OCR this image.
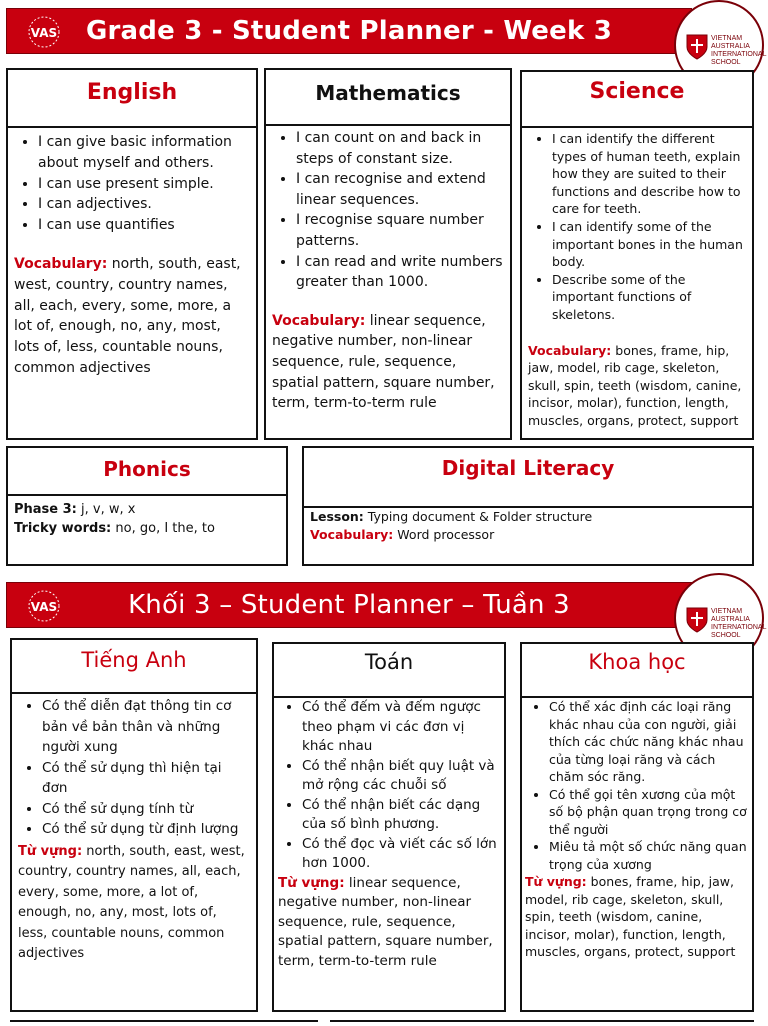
VAS	Grade 3 - Student Planner - Week 3	VIETNAM AUSTRALIA INTERNATIONAL SCHOOL
English
• I can give basic information about myself and others.
• I can use present simple.
• I can adjectives.
• I can use quantifies
Vocabulary: north, south, east, west, country, country names, all, each, every, some, more, a lot of, enough, no, any, most, lots of, less, countable nouns, common adjectives
Mathematics
• I can count on and back in steps of constant size.
• I can recognise and extend linear sequences.
• I recognise square number patterns.
• I can read and write numbers greater than 1000.
Vocabulary: linear sequence, negative number, non-linear sequence, rule, sequence, spatial pattern, square number, term, term-to-term rule
Science
• I can identify the different types of human teeth, explain how they are suited to their functions and describe how to care for teeth.
• I can identify some of the important bones in the human body.
• Describe some of the important functions of skeletons.
Vocabulary: bones, frame, hip, jaw, model, rib cage, skeleton, skull, spin, teeth (wisdom, canine, incisor, molar), function, length, muscles, organs, protect, support
Phonics
Phase 3: j, v, w, x
Tricky words: no, go, I the, to
Digital Literacy
Lesson: Typing document & Folder structure
Vocabulary: Word processor
VAS	Khối 3 – Student Planner – Tuần 3	VIETNAM AUSTRALIA INTERNATIONAL SCHOOL
Tiếng Anh
• Có thể diễn đạt thông tin cơ bản về bản thân và những người xung
• Có thể sử dụng thì hiện tại đơn
• Có thể sử dụng tính từ
• Có thể sử dụng từ định lượng
Từ vựng: north, south, east, west, country, country names, all, each, every, some, more, a lot of, enough, no, any, most, lots of, less, countable nouns, common adjectives
Toán
• Có thể đếm và đếm ngược theo phạm vi các đơn vị khác nhau
• Có thể nhận biết quy luật và mở rộng các chuỗi số
• Có thể nhận biết các dạng của số bình phương.
• Có thể đọc và viết các số lớn hơn 1000.
Từ vựng: linear sequence, negative number, non-linear sequence, rule, sequence, spatial pattern, square number, term, term-to-term rule
Khoa học
• Có thể xác định các loại răng khác nhau của con người, giải thích các chức năng khác nhau của từng loại răng và cách chăm sóc răng.
• Có thể gọi tên xương của một số bộ phận quan trọng trong cơ thể người
• Miêu tả một số chức năng quan trọng của xương
Từ vựng: bones, frame, hip, jaw, model, rib cage, skeleton, skull, spin, teeth (wisdom, canine, incisor, molar), function, length, muscles, organs, protect, support
